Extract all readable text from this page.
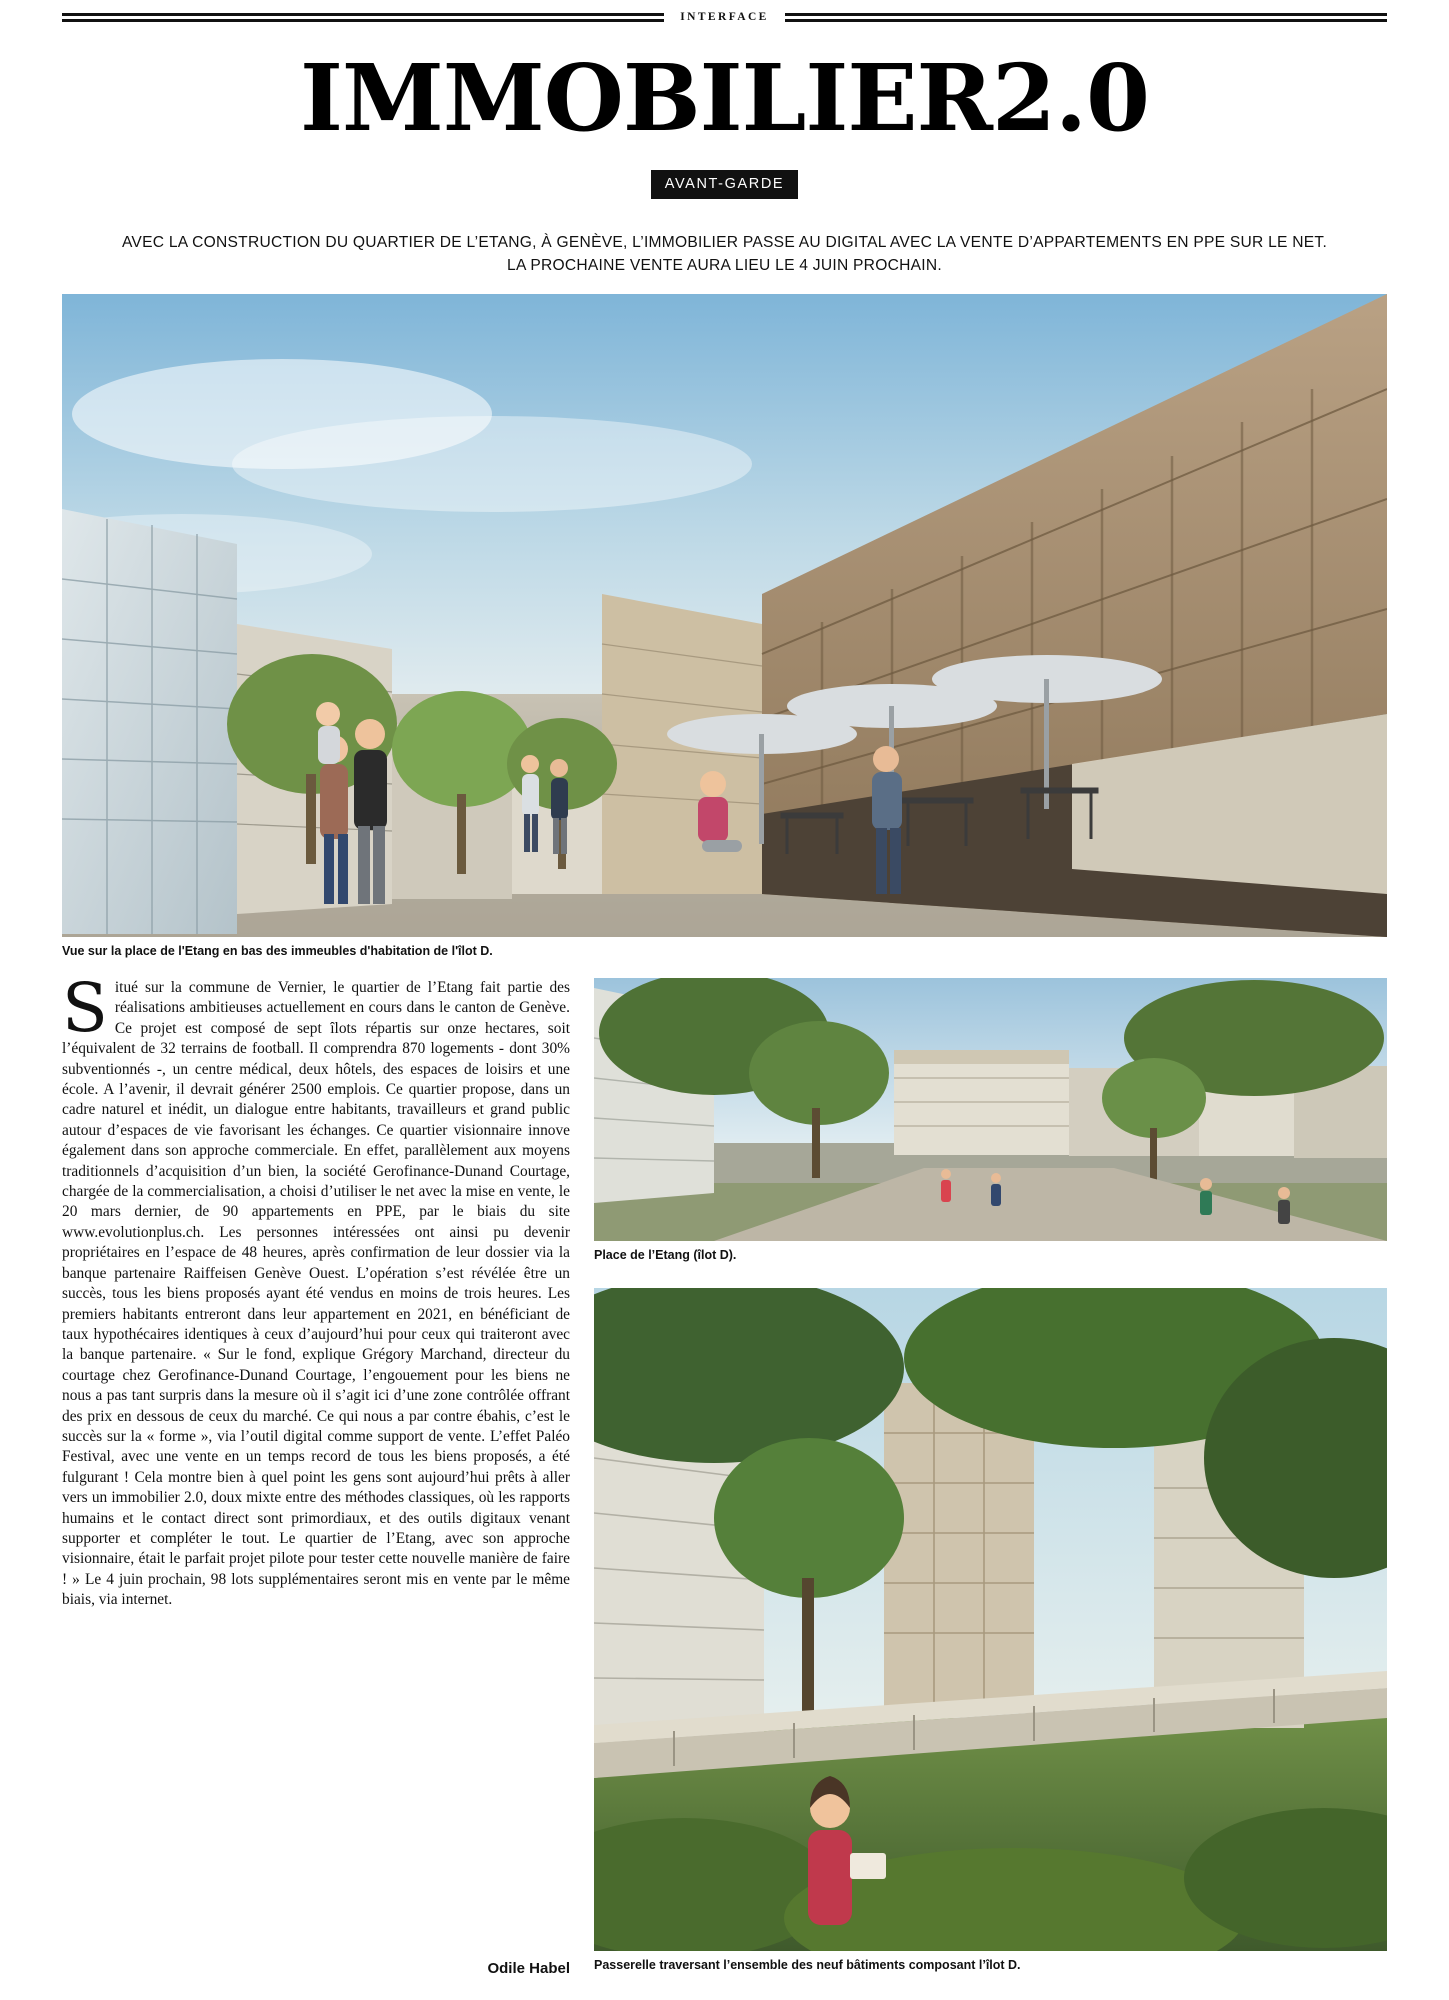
INTERFACE
IMMOBILIER2.0
AVANT-GARDE
AVEC LA CONSTRUCTION DU QUARTIER DE L’ETANG, À GENÈVE, L’IMMOBILIER PASSE AU DIGITAL AVEC LA VENTE D’APPARTEMENTS EN PPE SUR LE NET.
LA PROCHAINE VENTE AURA LIEU LE 4 JUIN PROCHAIN.
Vue sur la place de l'Etang en bas des immeubles d'habitation de l'îlot D.

Situé sur la commune de Vernier, le quartier de l’Etang fait partie des réalisations ambitieuses actuellement en cours dans le canton de Genève. Ce projet est composé de sept îlots répartis sur onze hectares, soit l’équivalent de 32 terrains de football. Il comprendra 870 logements - dont 30% subventionnés -, un centre médical, deux hôtels, des espaces de loisirs et une école. A l’avenir, il devrait générer 2500 emplois. Ce quartier propose, dans un cadre naturel et inédit, un dialogue entre habitants, travailleurs et grand public autour d’espaces de vie favorisant les échanges. Ce quartier visionnaire innove également dans son approche commerciale. En effet, parallèlement aux moyens traditionnels d’acquisition d’un bien, la société Gerofinance-Dunand Courtage, chargée de la commercialisation, a choisi d’utiliser le net avec la mise en vente, le 20 mars dernier, de 90 appartements en PPE, par le biais du site www.evolutionplus.ch. Les personnes intéressées ont ainsi pu devenir propriétaires en l’espace de 48 heures, après confirmation de leur dossier via la banque partenaire Raiffeisen Genève Ouest. L’opération s’est révélée être un succès, tous les biens proposés ayant été vendus en moins de trois heures. Les premiers habitants entreront dans leur appartement en 2021, en bénéficiant de taux hypothécaires identiques à ceux d’aujourd’hui pour ceux qui traiteront avec la banque partenaire. « Sur le fond, explique Grégory Marchand, directeur du courtage chez Gerofinance-Dunand Courtage, l’engouement pour les biens ne nous a pas tant surpris dans la mesure où il s’agit ici d’une zone contrôlée offrant des prix en dessous de ceux du marché. Ce qui nous a par contre ébahis, c’est le succès sur la « forme », via l’outil digital comme support de vente. L’effet Paléo Festival, avec une vente en un temps record de tous les biens proposés, a été fulgurant ! Cela montre bien à quel point les gens sont aujourd’hui prêts à aller vers un immobilier 2.0, doux mixte entre des méthodes classiques, où les rapports humains et le contact direct sont primordiaux, et des outils digitaux venant supporter et compléter le tout. Le quartier de l’Etang, avec son approche visionnaire, était le parfait projet pilote pour tester cette nouvelle manière de faire ! » Le 4 juin prochain, 98 lots supplémentaires seront mis en vente par le même biais, via internet.

Odile Habel
Place de l’Etang (îlot D).
Passerelle traversant l’ensemble des neuf bâtiments composant l’îlot D.
